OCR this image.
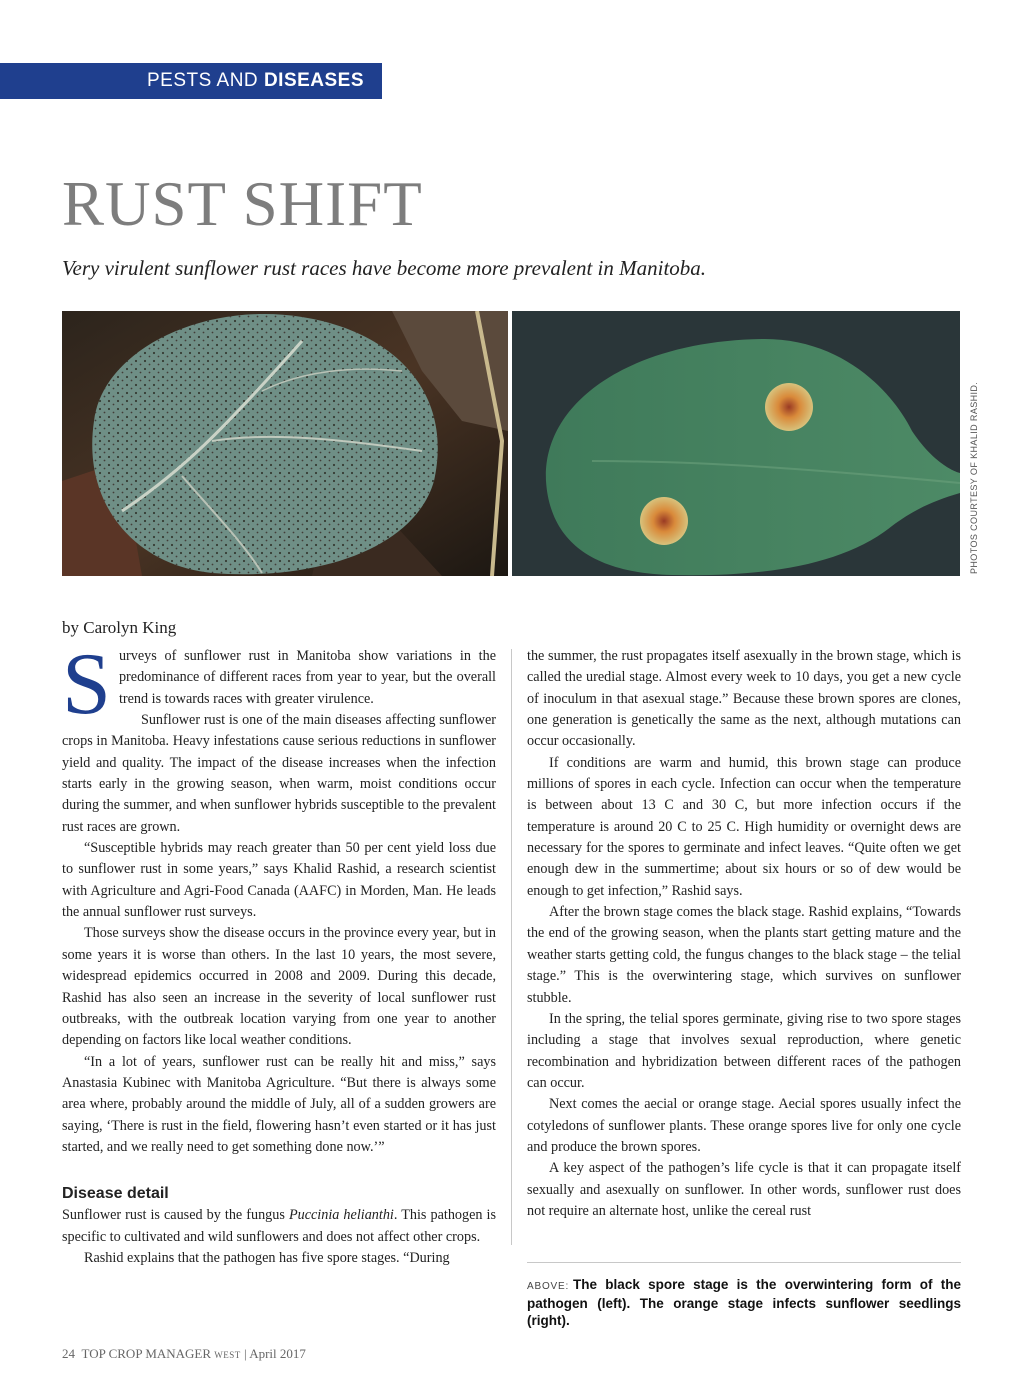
PESTS AND DISEASES
RUST SHIFT

Very virulent sunflower rust races have become more prevalent in Manitoba.

PHOTOS COURTESY OF KHALID RASHID.

by Carolyn King

Surveys of sunflower rust in Manitoba show variations in the predominance of different races from year to year, but the overall trend is towards races with greater virulence.

Sunflower rust is one of the main diseases affecting sunflower crops in Manitoba. Heavy infestations cause serious reductions in sunflower yield and quality. The impact of the disease increases when the infection starts early in the growing season, when warm, moist conditions occur during the summer, and when sunflower hybrids susceptible to the prevalent rust races are grown.

“Susceptible hybrids may reach greater than 50 per cent yield loss due to sunflower rust in some years,” says Khalid Rashid, a research scientist with Agriculture and Agri-Food Canada (AAFC) in Morden, Man. He leads the annual sunflower rust surveys.

Those surveys show the disease occurs in the province every year, but in some years it is worse than others. In the last 10 years, the most severe, widespread epidemics occurred in 2008 and 2009. During this decade, Rashid has also seen an increase in the severity of local sunflower rust outbreaks, with the outbreak location varying from one year to another depending on factors like local weather conditions.

“In a lot of years, sunflower rust can be really hit and miss,” says Anastasia Kubinec with Manitoba Agriculture. “But there is always some area where, probably around the middle of July, all of a sudden growers are saying, ‘There is rust in the field, flowering hasn’t even started or it has just started, and we really need to get something done now.’”

Disease detail

Sunflower rust is caused by the fungus Puccinia helianthi. This pathogen is specific to cultivated and wild sunflowers and does not affect other crops.

Rashid explains that the pathogen has five spore stages. “During

the summer, the rust propagates itself asexually in the brown stage, which is called the uredial stage. Almost every week to 10 days, you get a new cycle of inoculum in that asexual stage.” Because these brown spores are clones, one generation is genetically the same as the next, although mutations can occur occasionally.

If conditions are warm and humid, this brown stage can produce millions of spores in each cycle. Infection can occur when the temperature is between about 13 C and 30 C, but more infection occurs if the temperature is around 20 C to 25 C. High humidity or overnight dews are necessary for the spores to germinate and infect leaves. “Quite often we get enough dew in the summertime; about six hours or so of dew would be enough to get infection,” Rashid says.

After the brown stage comes the black stage. Rashid explains, “Towards the end of the growing season, when the plants start getting mature and the weather starts getting cold, the fungus changes to the black stage – the telial stage.” This is the overwintering stage, which survives on sunflower stubble.

In the spring, the telial spores germinate, giving rise to two spore stages including a stage that involves sexual reproduction, where genetic recombination and hybridization between different races of the pathogen can occur.

Next comes the aecial or orange stage. Aecial spores usually infect the cotyledons of sunflower plants. These orange spores live for only one cycle and produce the brown spores.

A key aspect of the pathogen’s life cycle is that it can propagate itself sexually and asexually on sunflower. In other words, sunflower rust does not require an alternate host, unlike the cereal rust

ABOVE: The black spore stage is the overwintering form of the pathogen (left). The orange stage infects sunflower seedlings (right).

24 TOP CROP MANAGER WEST | April 2017
